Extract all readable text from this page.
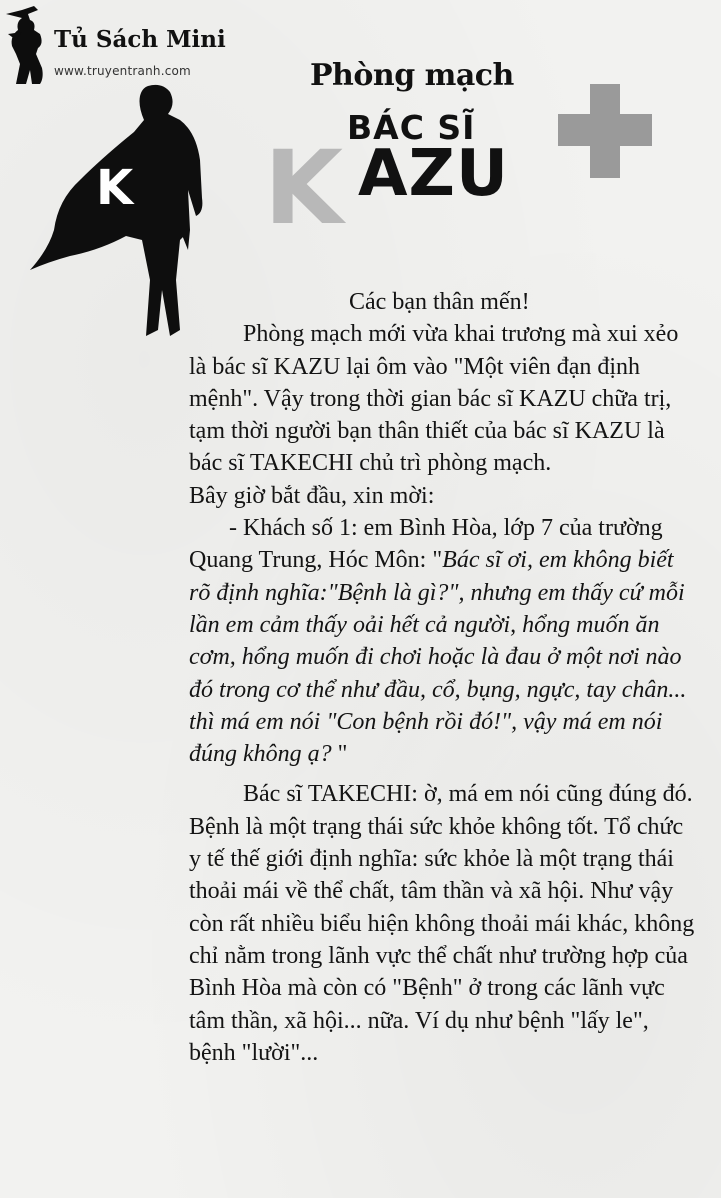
Tủ Sách Mini
www.truyentranh.com
K
Phòng mạch
BÁC SĨ
K AZU

Các bạn thân mến!

Phòng mạch mới vừa khai trương mà xui xẻo là bác sĩ KAZU lại ôm vào "Một viên đạn định mệnh". Vậy trong thời gian bác sĩ KAZU chữa trị, tạm thời người bạn thân thiết của bác sĩ KAZU là bác sĩ TAKECHI chủ trì phòng mạch.

Bây giờ bắt đầu, xin mời:

- Khách số 1: em Bình Hòa, lớp 7 của trường Quang Trung, Hóc Môn: "Bác sĩ ơi, em không biết rõ định nghĩa:"Bệnh là gì?", nhưng em thấy cứ mỗi lần em cảm thấy oải hết cả người, hổng muốn ăn cơm, hổng muốn đi chơi hoặc là đau ở một nơi nào đó trong cơ thể như đầu, cổ, bụng, ngực, tay chân... thì má em nói "Con bệnh rồi đó!", vậy má em nói đúng không ạ? "

Bác sĩ TAKECHI: ờ, má em nói cũng đúng đó. Bệnh là một trạng thái sức khỏe không tốt. Tổ chức y tế thế giới định nghĩa: sức khỏe là một trạng thái thoải mái về thể chất, tâm thần và xã hội. Như vậy còn rất nhiều biểu hiện không thoải mái khác, không chỉ nằm trong lãnh vực thể chất như trường hợp của Bình Hòa mà còn có "Bệnh" ở trong các lãnh vực tâm thần, xã hội... nữa. Ví dụ như bệnh "lấy le", bệnh "lười"...
